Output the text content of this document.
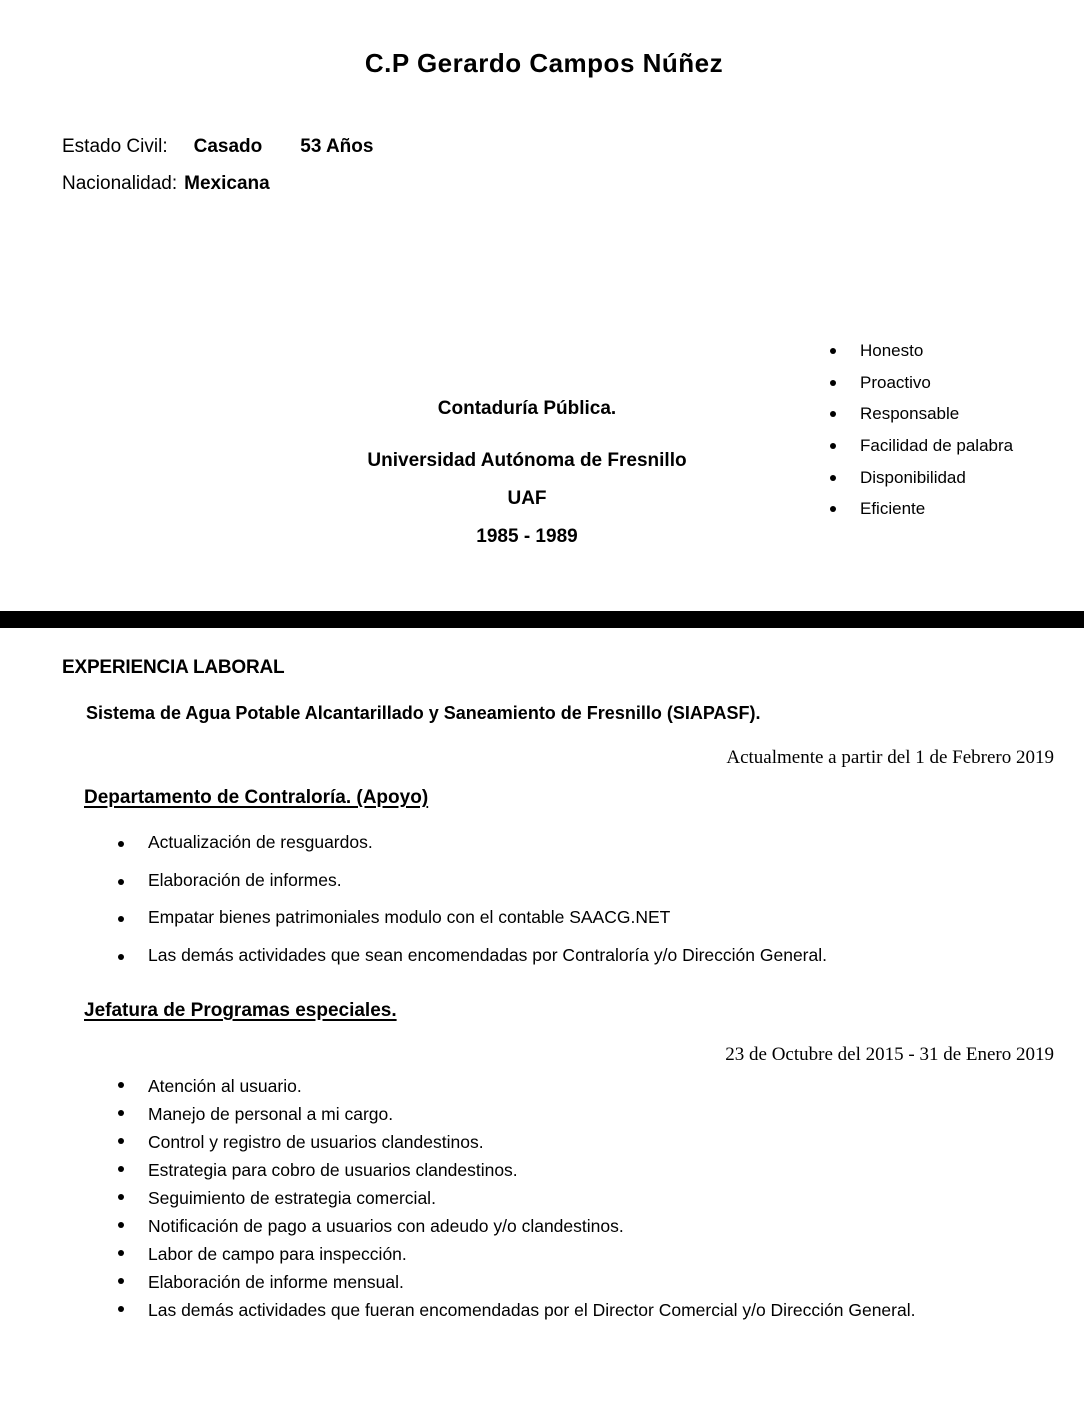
C.P Gerardo Campos Núñez
Estado Civil: Casado 53 Años
Nacionalidad: Mexicana
Honesto
Proactivo
Responsable
Facilidad de palabra
Disponibilidad
Eficiente
Contaduría Pública.
Universidad Autónoma de Fresnillo
UAF
1985 - 1989
EXPERIENCIA LABORAL
Sistema de Agua Potable Alcantarillado y Saneamiento de Fresnillo (SIAPASF).
Actualmente a partir del 1 de Febrero 2019
Departamento de Contraloría. (Apoyo)
Actualización de resguardos.
Elaboración de informes.
Empatar bienes patrimoniales modulo con el contable SAACG.NET
Las demás actividades que sean encomendadas por Contraloría y/o Dirección General.
Jefatura de Programas especiales.
23 de Octubre del 2015 - 31 de Enero 2019
Atención al usuario.
Manejo de personal a mi cargo.
Control y registro de usuarios clandestinos.
Estrategia para cobro de usuarios clandestinos.
Seguimiento de estrategia comercial.
Notificación de pago a usuarios con adeudo y/o clandestinos.
Labor de campo para inspección.
Elaboración de informe mensual.
Las demás actividades que fueran encomendadas por el Director Comercial y/o Dirección General.
